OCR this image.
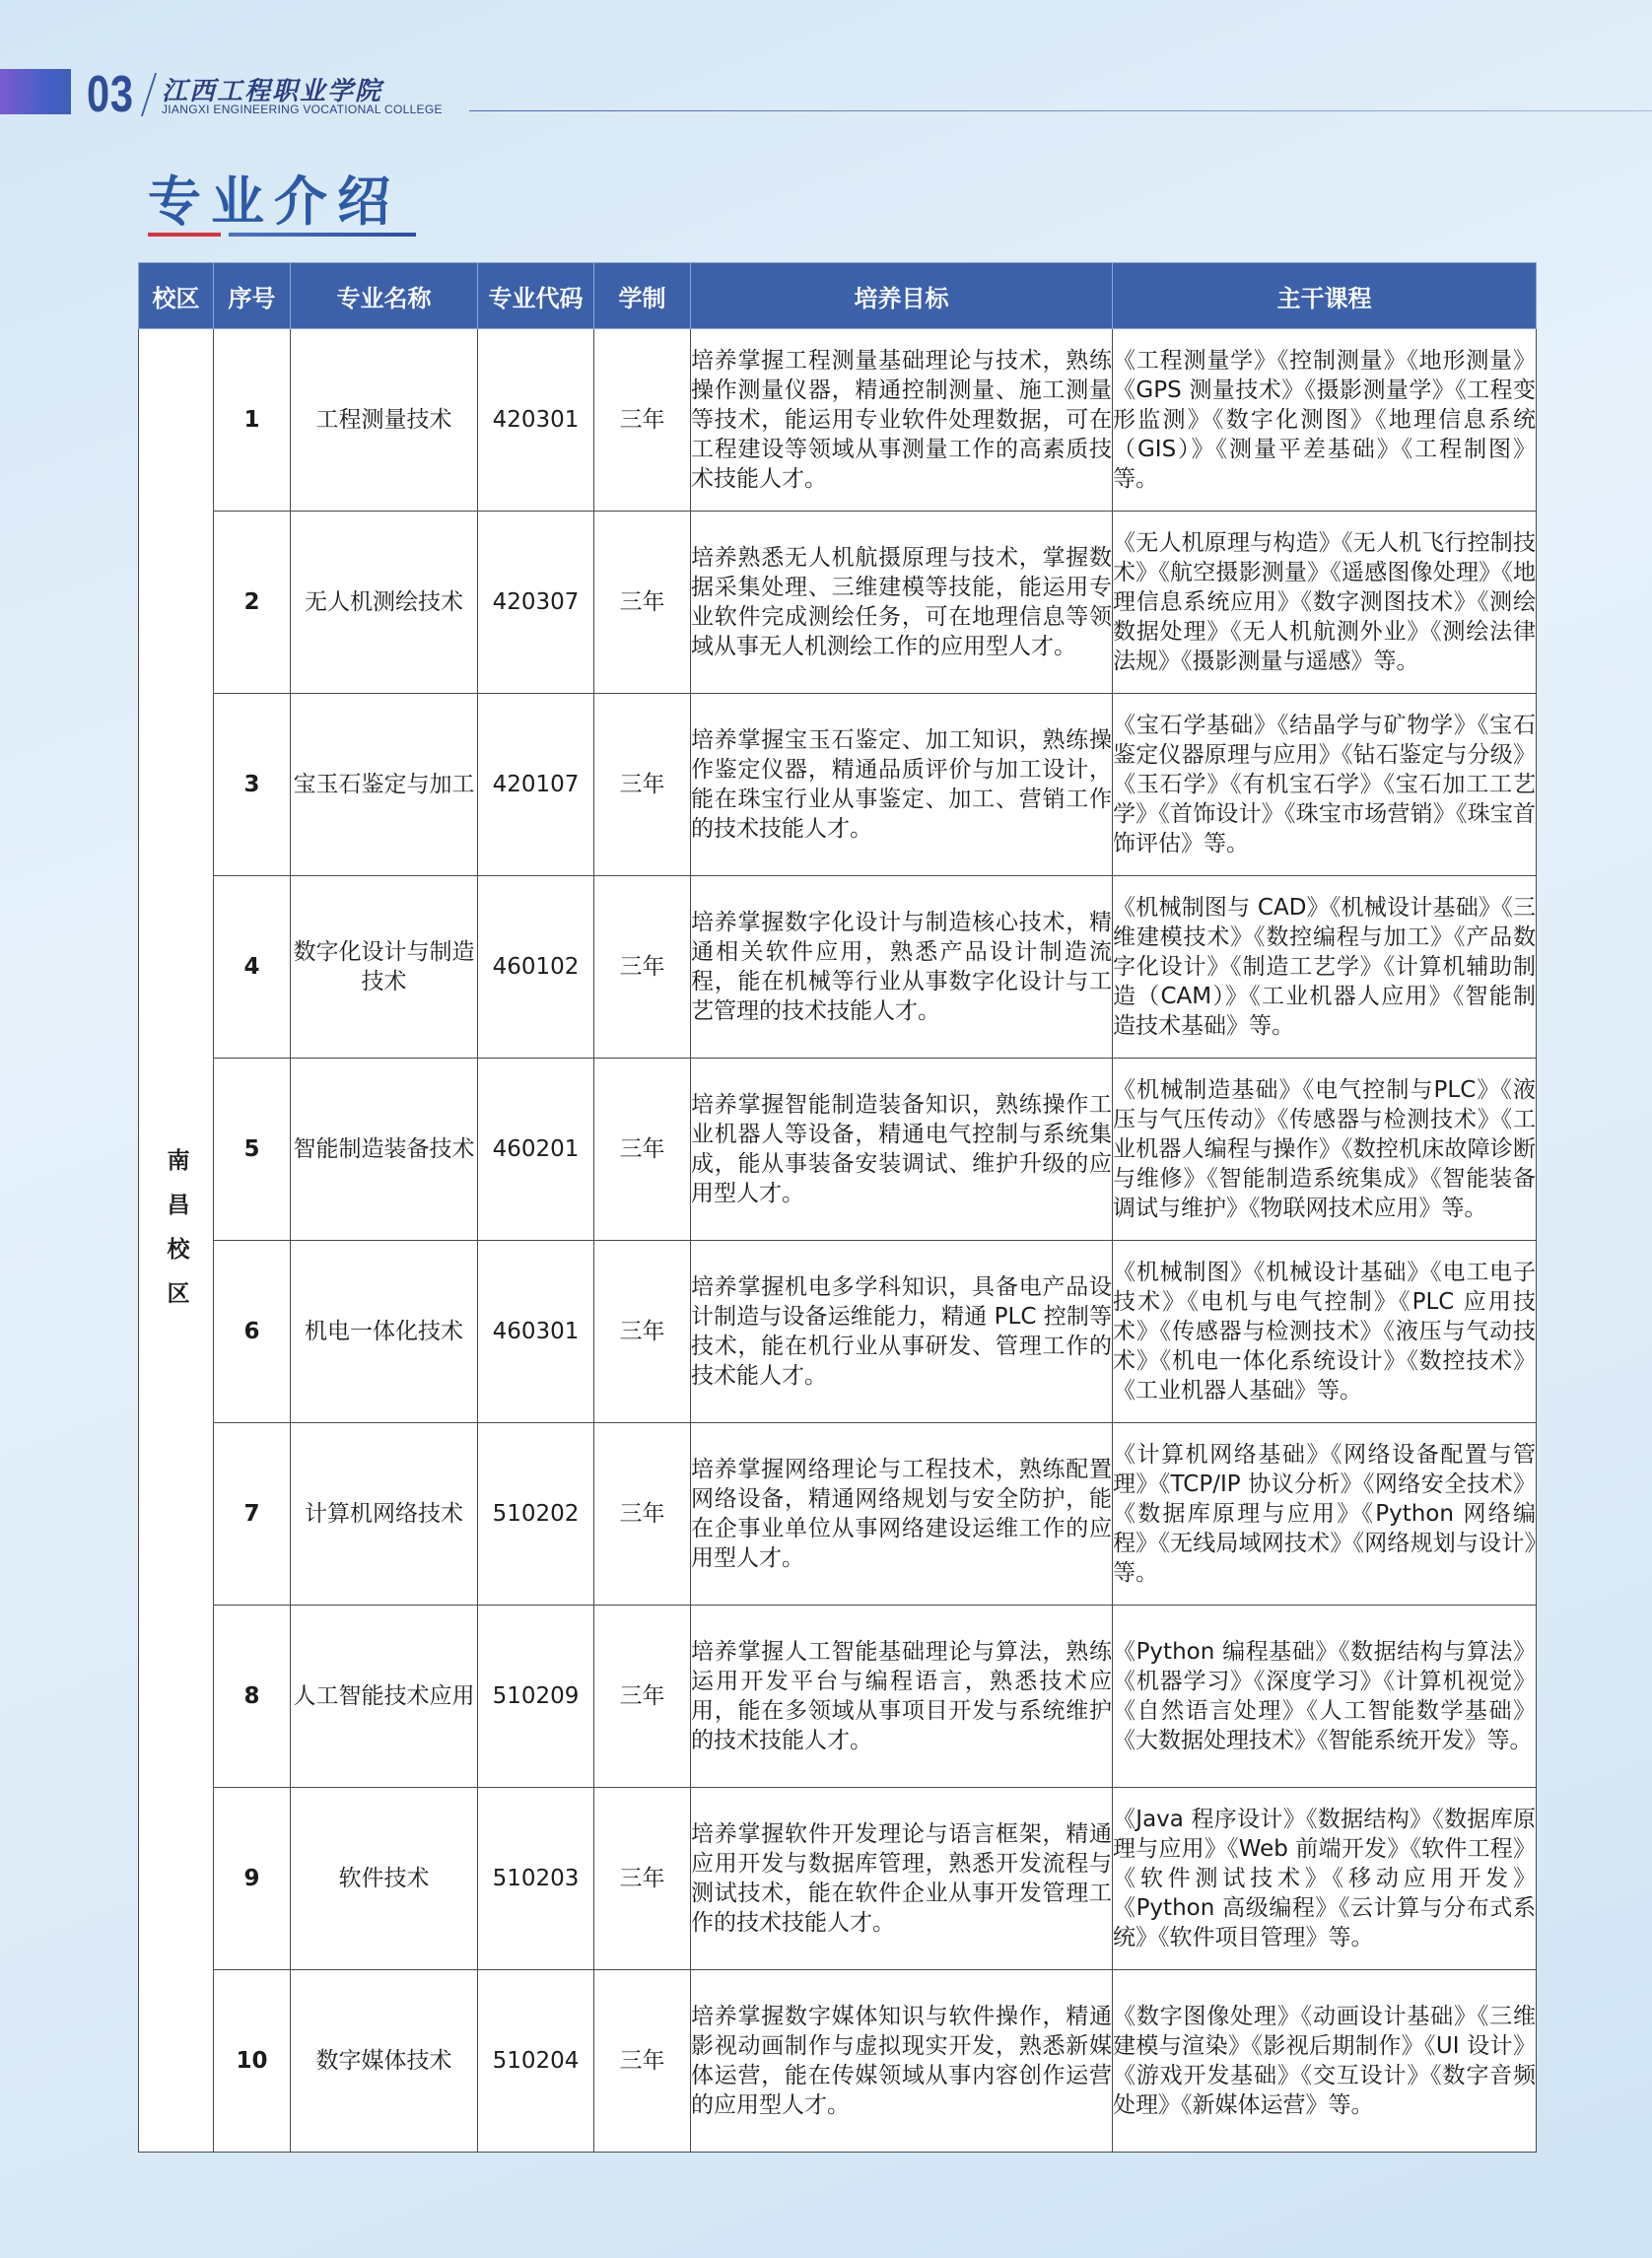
03 江西工程职业学院
JIANGXI ENGINEERING VOCATIONAL COLLEGE
专业介绍
校区	序号	专业名称	专业代码	学制	培养目标	主干课程
南昌校区	1	工程测量技术	420301	三年	培养掌握工程测量基础理论与技术，熟练操作测量仪器，精通控制测量、施工测量等技术，能运用专业软件处理数据，可在工程建设等领域从事测量工作的高素质技术技能人才。	《工程测量学》《控制测量》《地形测量》《GPS 测量技术》《摄影测量学》《工程变形监测》《数字化测图》《地理信息系统（GIS）》《测量平差基础》《工程制图》等。
	2	无人机测绘技术	420307	三年	培养熟悉无人机航摄原理与技术，掌握数据采集处理、三维建模等技能，能运用专业软件完成测绘任务，可在地理信息等领域从事无人机测绘工作的应用型人才。	《无人机原理与构造》《无人机飞行控制技术》《航空摄影测量》《遥感图像处理》《地理信息系统应用》《数字测图技术》《测绘数据处理》《无人机航测外业》《测绘法律法规》《摄影测量与遥感》等。
	3	宝玉石鉴定与加工	420107	三年	培养掌握宝玉石鉴定、加工知识，熟练操作鉴定仪器，精通品质评价与加工设计，能在珠宝行业从事鉴定、加工、营销工作的技术技能人才。	《宝石学基础》《结晶学与矿物学》《宝石鉴定仪器原理与应用》《钻石鉴定与分级》《玉石学》《有机宝石学》《宝石加工工艺学》《首饰设计》《珠宝市场营销》《珠宝首饰评估》等。
	4	数字化设计与制造技术	460102	三年	培养掌握数字化设计与制造核心技术，精通相关软件应用，熟悉产品设计制造流程，能在机械等行业从事数字化设计与工艺管理的技术技能人才。	《机械制图与 CAD》《机械设计基础》《三维建模技术》《数控编程与加工》《产品数字化设计》《制造工艺学》《计算机辅助制造（CAM）》《工业机器人应用》《智能制造技术基础》等。
	5	智能制造装备技术	460201	三年	培养掌握智能制造装备知识，熟练操作工业机器人等设备，精通电气控制与系统集成，能从事装备安装调试、维护升级的应用型人才。	《机械制造基础》《电气控制与PLC》《液压与气压传动》《传感器与检测技术》《工业机器人编程与操作》《数控机床故障诊断与维修》《智能制造系统集成》《智能装备调试与维护》《物联网技术应用》等。
	6	机电一体化技术	460301	三年	培养掌握机电多学科知识，具备电产品设计制造与设备运维能力，精通 PLC 控制等技术，能在机行业从事研发、管理工作的技术能人才。	《机械制图》《机械设计基础》《电工电子技术》《电机与电气控制》《PLC 应用技术》《传感器与检测技术》《液压与气动技术》《机电一体化系统设计》《数控技术》《工业机器人基础》等。
	7	计算机网络技术	510202	三年	培养掌握网络理论与工程技术，熟练配置网络设备，精通网络规划与安全防护，能在企事业单位从事网络建设运维工作的应用型人才。	《计算机网络基础》《网络设备配置与管理》《TCP/IP 协议分析》《网络安全技术》《数据库原理与应用》《Python 网络编程》《无线局域网技术》《网络规划与设计》等。
	8	人工智能技术应用	510209	三年	培养掌握人工智能基础理论与算法，熟练运用开发平台与编程语言，熟悉技术应用，能在多领域从事项目开发与系统维护的技术技能人才。	《Python 编程基础》《数据结构与算法》《机器学习》《深度学习》《计算机视觉》《自然语言处理》《人工智能数学基础》《大数据处理技术》《智能系统开发》等。
	9	软件技术	510203	三年	培养掌握软件开发理论与语言框架，精通应用开发与数据库管理，熟悉开发流程与测试技术，能在软件企业从事开发管理工作的技术技能人才。	《Java 程序设计》《数据结构》《数据库原理与应用》《Web 前端开发》《软件工程》《软件测试技术》《移动应用开发》《Python 高级编程》《云计算与分布式系统》《软件项目管理》等。
	10	数字媒体技术	510204	三年	培养掌握数字媒体知识与软件操作，精通影视动画制作与虚拟现实开发，熟悉新媒体运营，能在传媒领域从事内容创作运营的应用型人才。	《数字图像处理》《动画设计基础》《三维建模与渲染》《影视后期制作》《UI 设计》《游戏开发基础》《交互设计》《数字音频处理》《新媒体运营》等。
